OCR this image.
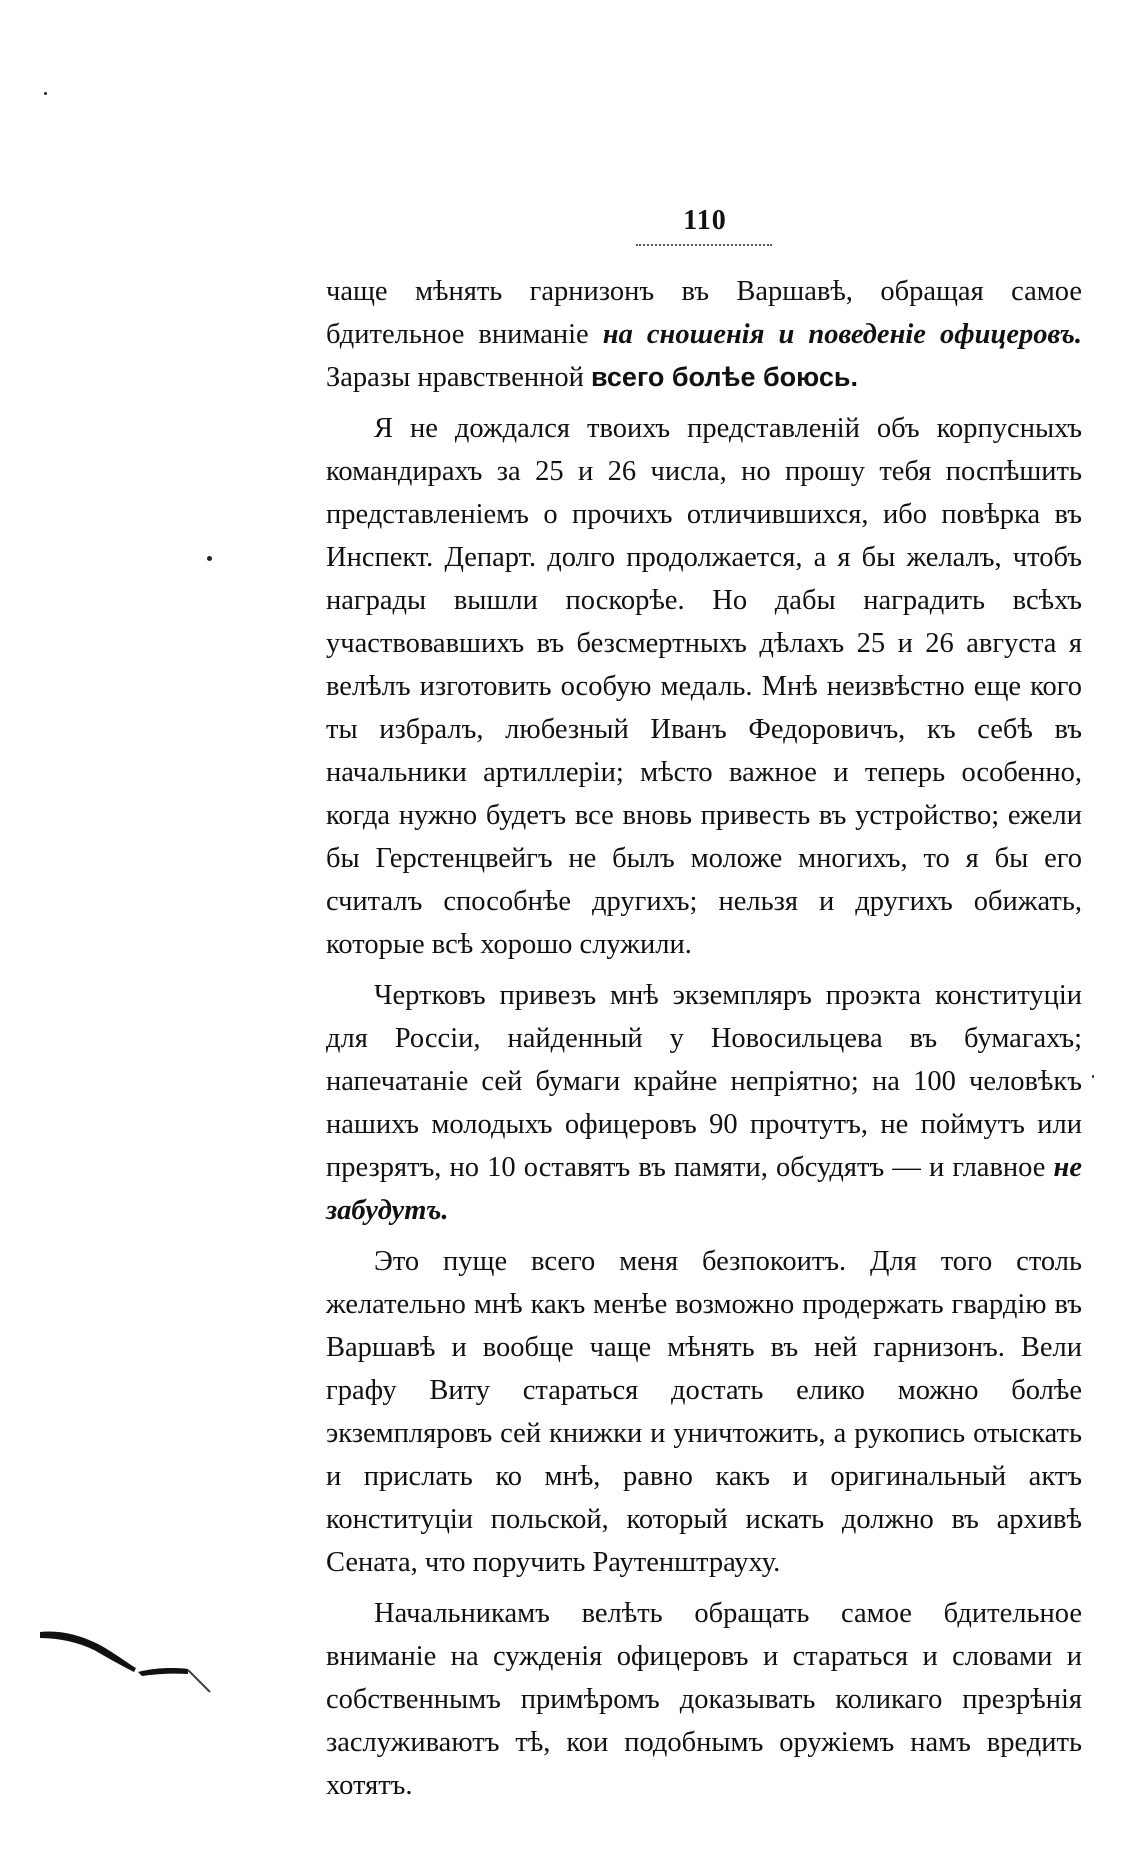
110

чаще мѣнять гарнизонъ въ Варшавѣ, обращая самое бдительное вниманіе на сношенія и поведеніе офицеровъ. Заразы нравственной всего болѣе боюсь.

Я не дождался твоихъ представленій объ корпусныхъ командирахъ за 25 и 26 числа, но прошу тебя поспѣшить представленіемъ о прочихъ отличившихся, ибо повѣрка въ Инспект. Департ. долго продолжается, а я бы желалъ, чтобъ награды вышли поскорѣе. Но дабы наградить всѣхъ участвовавшихъ въ безсмертныхъ дѣлахъ 25 и 26 августа я велѣлъ изготовить особую медаль. Мнѣ неизвѣстно еще кого ты избралъ, любезный Иванъ Федоровичъ, къ себѣ въ начальники артиллеріи; мѣсто важное и теперь особенно, когда нужно будетъ все вновь привесть въ устройство; ежели бы Герстенцвейгъ не былъ моложе многихъ, то я бы его считалъ способнѣе другихъ; нельзя и другихъ обижать, которые всѣ хорошо служили.

Чертковъ привезъ мнѣ экземпляръ проэкта конституціи для Россіи, найденный у Новосильцева въ бумагахъ; напечатаніе сей бумаги крайне непріятно; на 100 человѣкъ нашихъ молодыхъ офицеровъ 90 прочтутъ, не поймутъ или презрятъ, но 10 оставятъ въ памяти, обсудятъ — и главное не забудутъ.

Это пуще всего меня безпокоитъ. Для того столь желательно мнѣ какъ менѣе возможно продержать гвардію въ Варшавѣ и вообще чаще мѣнять въ ней гарнизонъ. Вели графу Виту стараться достать елико можно болѣе экземпляровъ сей книжки и уничтожить, а рукопись отыскать и прислать ко мнѣ, равно какъ и оригинальный актъ конституціи польской, который искать должно въ архивѣ Сената, что поручить Раутенштрауху.

Начальникамъ велѣть обращать самое бдительное вниманіе на сужденія офицеровъ и стараться и словами и собственнымъ примѣромъ доказывать коликаго презрѣнія заслуживаютъ тѣ, кои подобнымъ оружіемъ намъ вредить хотятъ.
